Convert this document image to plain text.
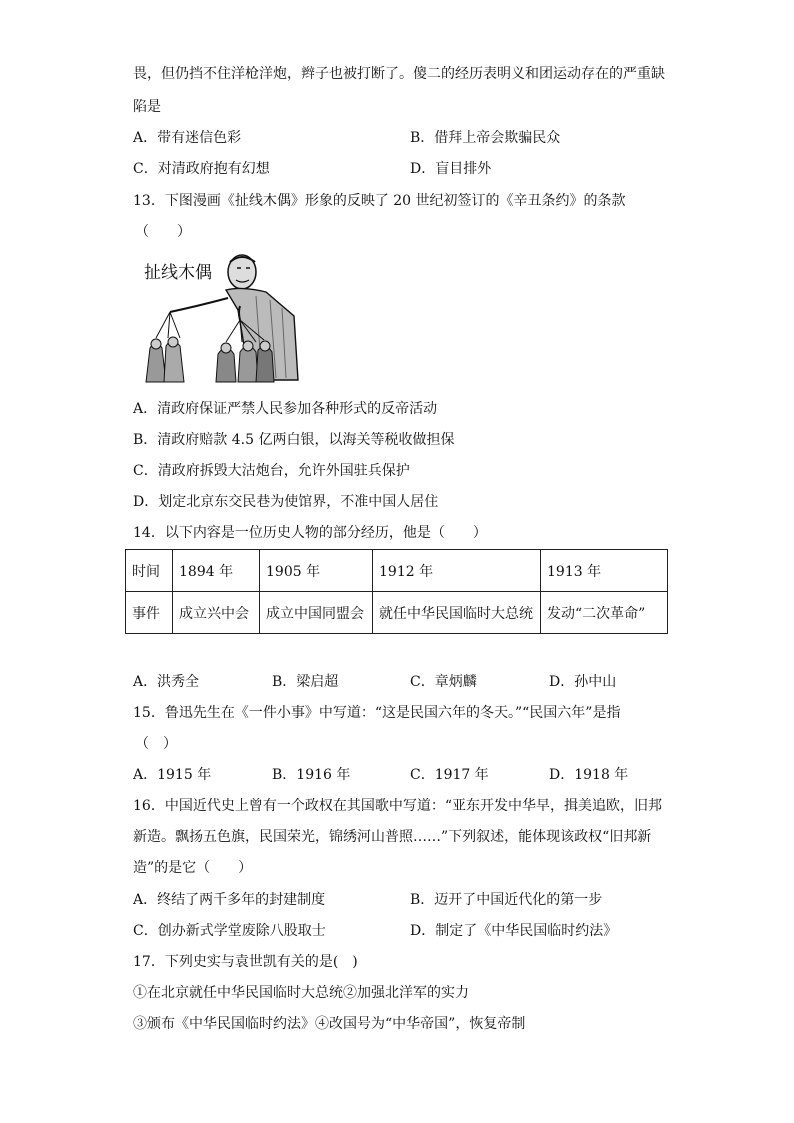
畏，但仍挡不住洋枪洋炮，辫子也被打断了。傻二的经历表明义和团运动存在的严重缺
陷是
A．带有迷信色彩	B．借拜上帝会欺骗民众
C．对清政府抱有幻想	D．盲目排外
13．下图漫画《扯线木偶》形象的反映了 20 世纪初签订的《辛丑条约》的条款
（　　）
扯线木偶
A．清政府保证严禁人民参加各种形式的反帝活动
B．清政府赔款 4.5 亿两白银，以海关等税收做担保
C．清政府拆毁大沽炮台，允许外国驻兵保护
D．划定北京东交民巷为使馆界，不准中国人居住
14．以下内容是一位历史人物的部分经历，他是（　　）
时间	1894 年	1905 年	1912 年	1913 年
事件	成立兴中会	成立中国同盟会	就任中华民国临时大总统	发动“二次革命”
A．洪秀全	B．梁启超	C．章炳麟	D．孙中山
15．鲁迅先生在《一件小事》中写道：“这是民国六年的冬天。”“民国六年”是指
（　）
A．1915 年	B．1916 年	C．1917 年	D．1918 年
16．中国近代史上曾有一个政权在其国歌中写道：“亚东开发中华早，揖美追欧，旧邦
新造。飘扬五色旗，民国荣光，锦绣河山普照……”下列叙述，能体现该政权“旧邦新
造”的是它（　　）
A．终结了两千多年的封建制度	B．迈开了中国近代化的第一步
C．创办新式学堂废除八股取士	D．制定了《中华民国临时约法》
17．下列史实与袁世凯有关的是(　)
①在北京就任中华民国临时大总统②加强北洋军的实力
③颁布《中华民国临时约法》④改国号为“中华帝国”，恢复帝制
